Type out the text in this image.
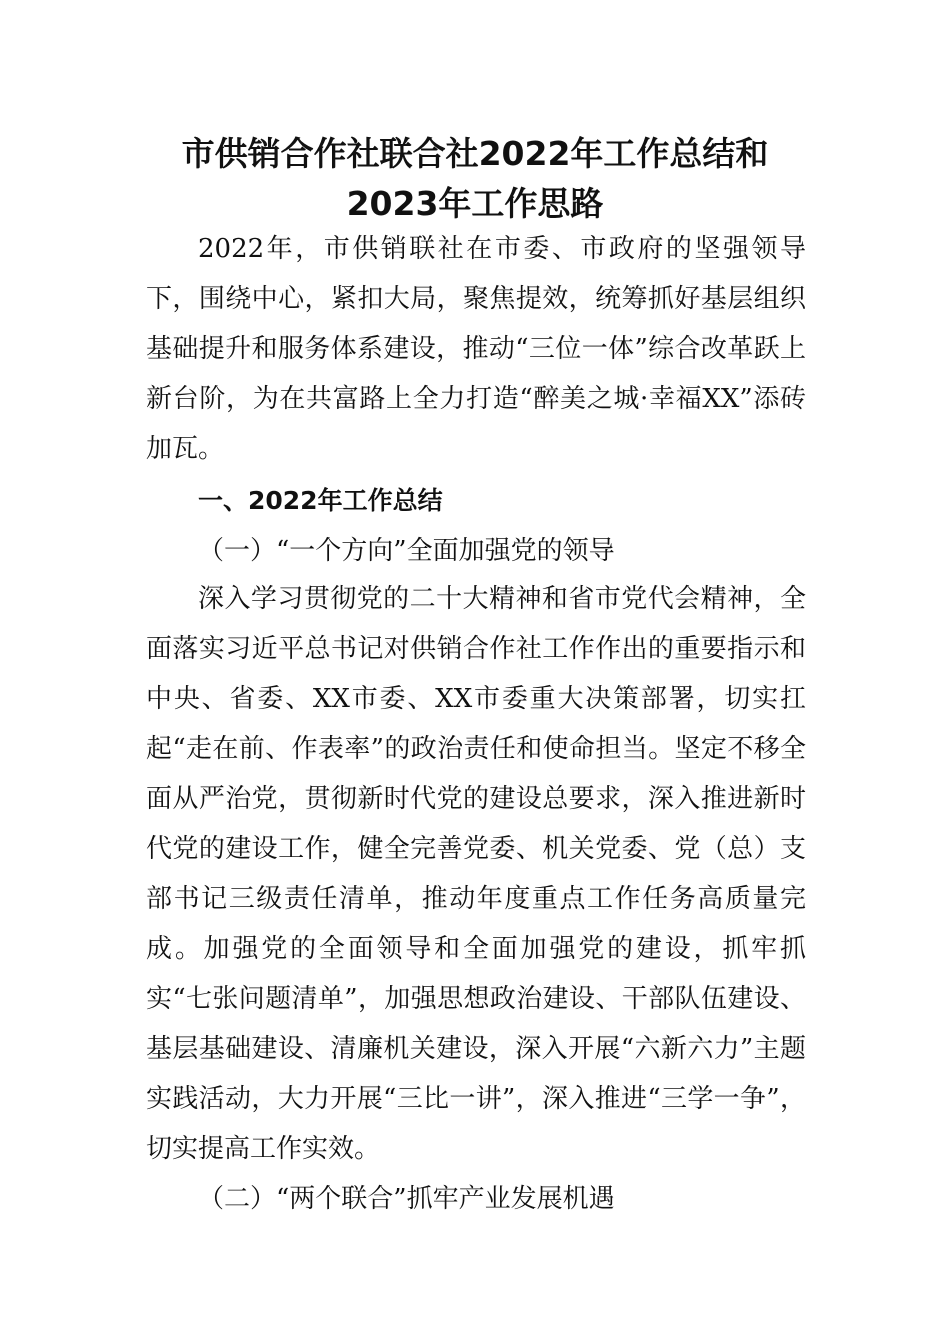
市供销合作社联合社2022年工作总结和
2023年工作思路

2022年，市供销联社在市委、市政府的坚强领导下，围绕中心，紧扣大局，聚焦提效，统筹抓好基层组织基础提升和服务体系建设，推动“三位一体”综合改革跃上新台阶，为在共富路上全力打造“醉美之城·幸福XX”添砖加瓦。

一、2022年工作总结
（一）“一个方向”全面加强党的领导

深入学习贯彻党的二十大精神和省市党代会精神，全面落实习近平总书记对供销合作社工作作出的重要指示和中央、省委、XX市委、XX市委重大决策部署，切实扛起“走在前、作表率”的政治责任和使命担当。坚定不移全面从严治党，贯彻新时代党的建设总要求，深入推进新时代党的建设工作，健全完善党委、机关党委、党（总）支部书记三级责任清单，推动年度重点工作任务高质量完成。加强党的全面领导和全面加强党的建设，抓牢抓实“七张问题清单”，加强思想政治建设、干部队伍建设、基层基础建设、清廉机关建设，深入开展“六新六力”主题实践活动，大力开展“三比一讲”，深入推进“三学一争”，切实提高工作实效。

（二）“两个联合”抓牢产业发展机遇
